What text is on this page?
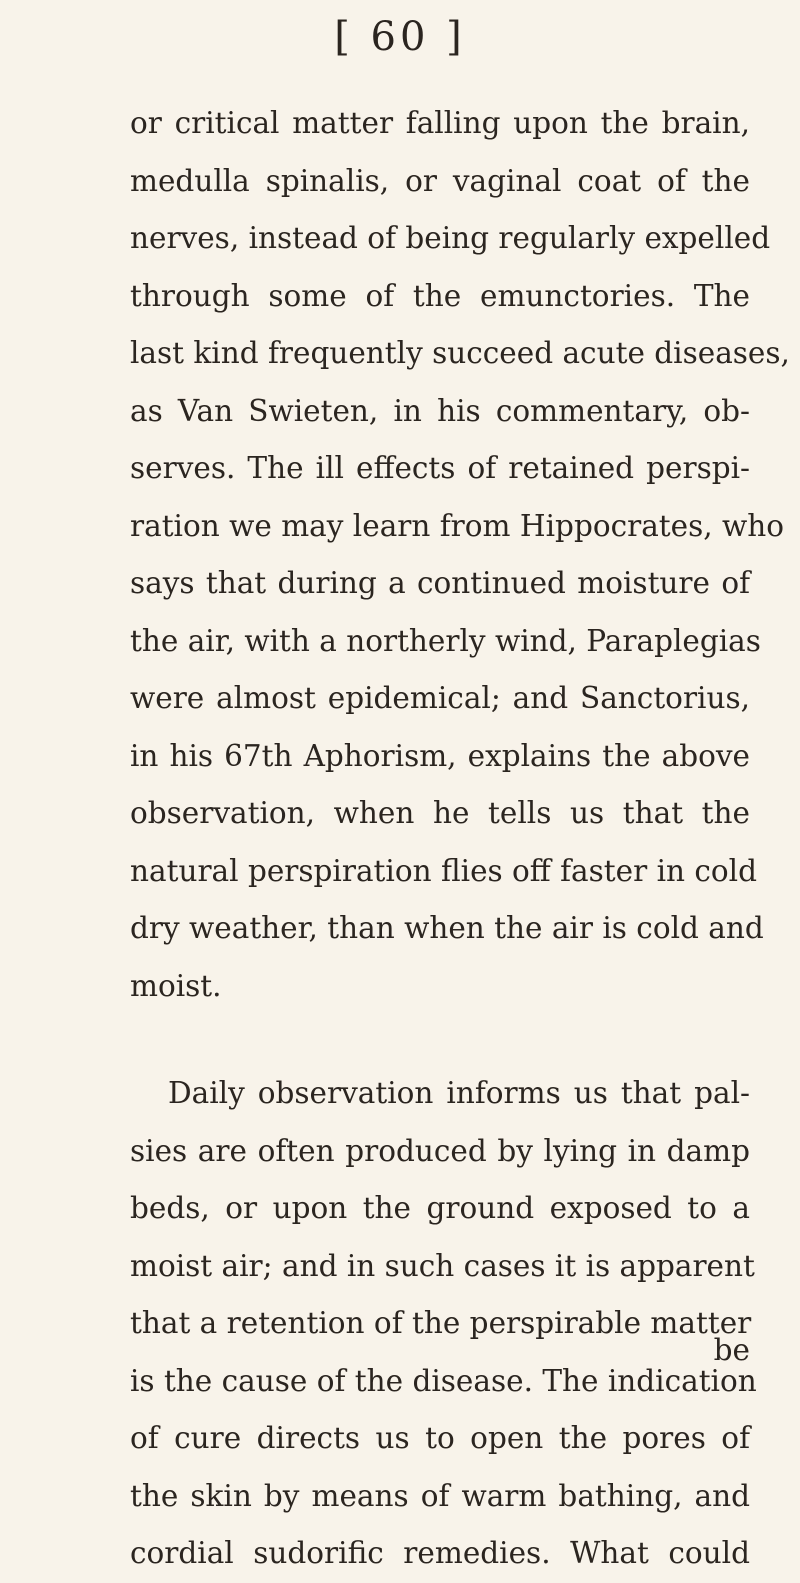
[ 60 ]
or critical matter falling upon the brain,
medulla spinalis, or vaginal coat of the
nerves, instead of being regularly expelled
through some of the emunctories. The
last kind frequently succeed acute diseases,
as Van Swieten, in his commentary, ob-
serves. The ill effects of retained perspi-
ration we may learn from Hippocrates, who
says that during a continued moisture of
the air, with a northerly wind, Paraplegias
were almost epidemical; and Sanctorius,
in his 67th Aphorism, explains the above
observation, when he tells us that the
natural perspiration flies off faster in cold
dry weather, than when the air is cold and
moist.
Daily observation informs us that pal-
sies are often produced by lying in damp
beds, or upon the ground exposed to a
moist air; and in such cases it is apparent
that a retention of the perspirable matter
is the cause of the disease. The indication
of cure directs us to open the pores of
the skin by means of warm bathing, and
cordial sudorific remedies. What could
be
